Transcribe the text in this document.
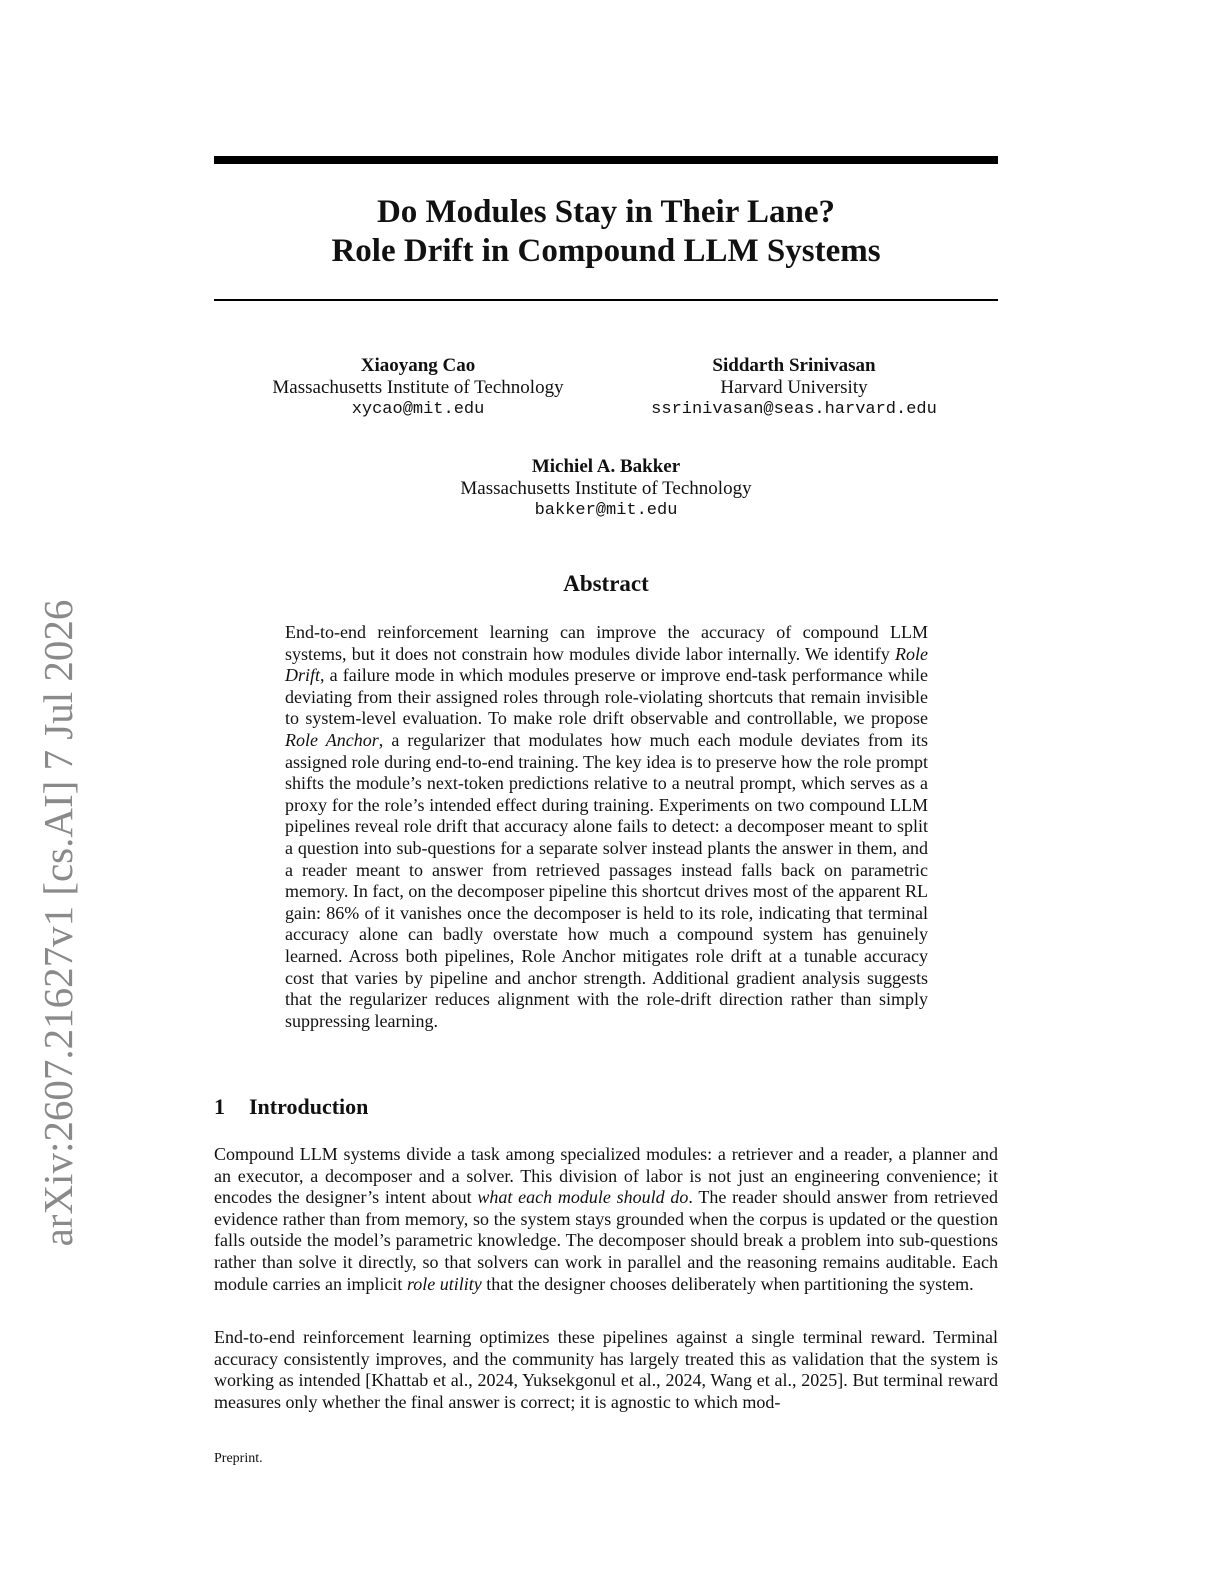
arXiv:2607.21627v1 [cs.AI] 7 Jul 2026
Do Modules Stay in Their Lane?
Role Drift in Compound LLM Systems
Xiaoyang Cao
Massachusetts Institute of Technology
xycao@mit.edu
Siddarth Srinivasan
Harvard University
ssrinivasan@seas.harvard.edu
Michiel A. Bakker
Massachusetts Institute of Technology
bakker@mit.edu
Abstract
End-to-end reinforcement learning can improve the accuracy of compound LLM systems, but it does not constrain how modules divide labor internally. We identify Role Drift, a failure mode in which modules preserve or improve end-task performance while deviating from their assigned roles through role-violating shortcuts that remain invisible to system-level evaluation. To make role drift observable and controllable, we propose Role Anchor, a regularizer that modulates how much each module deviates from its assigned role during end-to-end training. The key idea is to preserve how the role prompt shifts the module’s next-token predictions relative to a neutral prompt, which serves as a proxy for the role’s intended effect during training. Experiments on two compound LLM pipelines reveal role drift that accuracy alone fails to detect: a decomposer meant to split a question into sub-questions for a separate solver instead plants the answer in them, and a reader meant to answer from retrieved passages instead falls back on parametric memory. In fact, on the decomposer pipeline this shortcut drives most of the apparent RL gain: 86% of it vanishes once the decomposer is held to its role, indicating that terminal accuracy alone can badly overstate how much a compound system has genuinely learned. Across both pipelines, Role Anchor mitigates role drift at a tunable accuracy cost that varies by pipeline and anchor strength. Additional gradient analysis suggests that the regularizer reduces alignment with the role-drift direction rather than simply suppressing learning.
1 Introduction
Compound LLM systems divide a task among specialized modules: a retriever and a reader, a planner and an executor, a decomposer and a solver. This division of labor is not just an engineering convenience; it encodes the designer’s intent about what each module should do. The reader should answer from retrieved evidence rather than from memory, so the system stays grounded when the corpus is updated or the question falls outside the model’s parametric knowledge. The decomposer should break a problem into sub-questions rather than solve it directly, so that solvers can work in parallel and the reasoning remains auditable. Each module carries an implicit role utility that the designer chooses deliberately when partitioning the system.
End-to-end reinforcement learning optimizes these pipelines against a single terminal reward. Terminal accuracy consistently improves, and the community has largely treated this as validation that the system is working as intended [Khattab et al., 2024, Yuksekgonul et al., 2024, Wang et al., 2025]. But terminal reward measures only whether the final answer is correct; it is agnostic to which mod-
Preprint.
